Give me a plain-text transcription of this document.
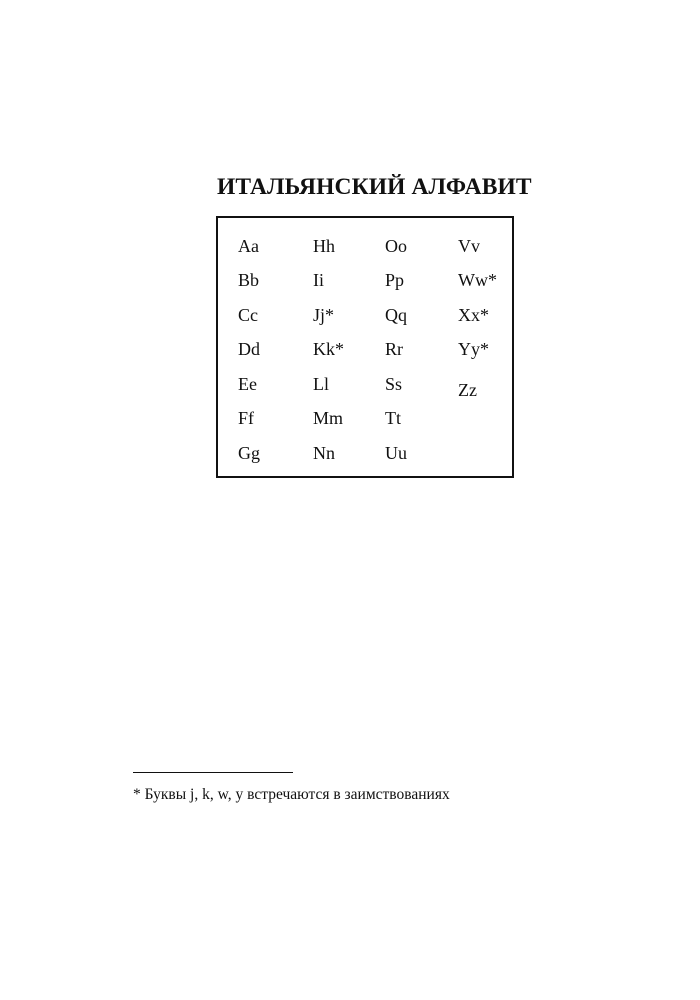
ИТАЛЬЯНСКИЙ АЛФАВИТ
Aa
Bb
Cc
Dd
Ee
Ff
Gg
Hh
Ii
Jj*
Kk*
Ll
Mm
Nn
Oo
Pp
Qq
Rr
Ss
Tt
Uu
Vv
Ww*
Xx*
Yy*
Zz
* Буквы j, k, w, y встречаются в заимствованиях
